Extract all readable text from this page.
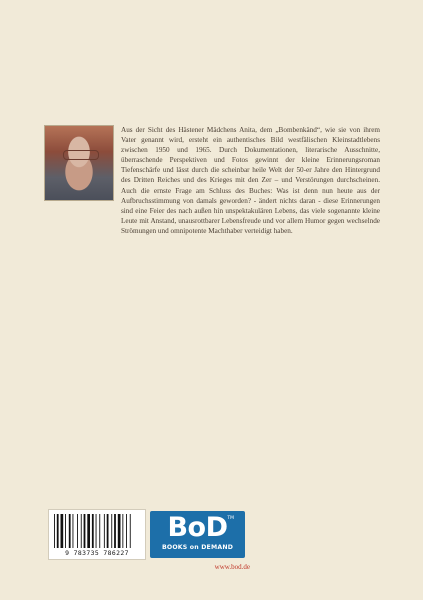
Aus der Sicht des Hästener Mädchens Anita, dem „Bombenkänd“, wie sie von ihrem Vater genannt wird, ersteht ein authentisches Bild westfälischen Kleinstadtlebens zwischen 1950 und 1965. Durch Dokumentationen, literarische Ausschnitte, überraschende Perspektiven und Fotos gewinnt der kleine Erinnerungsroman Tiefenschärfe und lässt durch die scheinbar heile Welt der 50-er Jahre den Hintergrund des Dritten Reiches und des Krieges mit den Zer – und Verstörungen durchscheinen. Auch die ernste Frage am Schluss des Buches: Was ist denn nun heute aus der Aufbruchsstimmung von damals geworden? - ändert nichts daran - diese Erinnerungen sind eine Feier des nach außen hin unspektakulären Lebens, das viele sogenannte kleine Leute mit Anstand, unausrottbarer Lebensfreude und vor allem Humor gegen wechselnde Strömungen und omnipotente Machthaber verteidigt haben.

9 783735 786227
TM
BoD
BOOKS on DEMAND
www.bod.de
